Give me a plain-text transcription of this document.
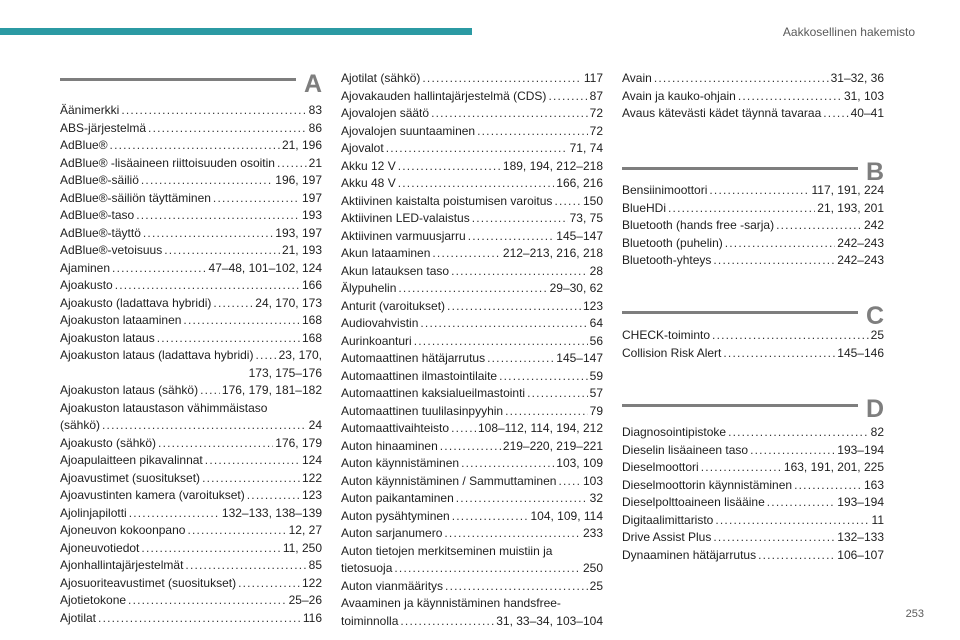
Aakkosellinen hakemisto
A
Äänimerkki .....	83
ABS-järjestelmä .....	86
AdBlue® .....	21, 196
AdBlue® -lisäaineen riittoisuuden osoitin .....	21
AdBlue®-säiliö .....	196, 197
AdBlue®-säiliön täyttäminen .....	197
AdBlue®-taso .....	193
AdBlue®-täyttö .....	193, 197
AdBlue®-vetoisuus .....	21, 193
Ajaminen .....	47–48, 101–102, 124
Ajoakusto .....	166
Ajoakusto (ladattava hybridi) .....	24, 170, 173
Ajoakuston lataaminen .....	168
Ajoakuston lataus .....	168
Ajoakuston lataus (ladattava hybridi) ..... 23, 170,
173, 175–176
Ajoakuston lataus (sähkö) ..... 176, 179, 181–182
Ajoakuston lataustason vähimmäistaso
(sähkö) .....	24
Ajoakusto (sähkö) .....	176, 179
Ajoapulaitteen pikavalinnat .....	124
Ajoavustimet (suositukset) .....	122
Ajoavustinten kamera (varoitukset) .....	123
Ajolinjapilotti .....	132–133, 138–139
Ajoneuvon kokoonpano .....	12, 27
Ajoneuvotiedot .....	11, 250
Ajonhallintajärjestelmät .....	85
Ajosuoriteavustimet (suositukset) .....	122
Ajotietokone .....	25–26
Ajotilat .....	116
Ajotilat (sähkö) .....	117
Ajovakauden hallintajärjestelmä (CDS) .....	87
Ajovalojen säätö .....	72
Ajovalojen suuntaaminen .....	72
Ajovalot .....	71, 74
Akku 12 V .....	189, 194, 212–218
Akku 48 V .....	166, 216
Aktiivinen kaistalta poistumisen varoitus .....	150
Aktiivinen LED-valaistus .....	73, 75
Aktiivinen varmuusjarru .....	145–147
Akun lataaminen .....	212–213, 216, 218
Akun latauksen taso .....	28
Älypuhelin .....	29–30, 62
Anturit (varoitukset) .....	123
Audiovahvistin .....	64
Aurinkoanturi .....	56
Automaattinen hätäjarrutus .....	145–147
Automaattinen ilmastointilaite .....	59
Automaattinen kaksialueilmastointi .....	57
Automaattinen tuulilasinpyyhin .....	79
Automaattivaihteisto ..... 108–112, 114, 194, 212
Auton hinaaminen .....	219–220, 219–221
Auton käynnistäminen .....	103, 109
Auton käynnistäminen / Sammuttaminen ..... 103
Auton paikantaminen .....	32
Auton pysähtyminen .....	104, 109, 114
Auton sarjanumero .....	233
Auton tietojen merkitseminen muistiin ja
tietosuoja .....	250
Auton vianmääritys .....	25
Avaaminen ja käynnistäminen handsfree-
toiminnolla .....	31, 33–34, 103–104
Avain .....	31–32, 36
Avain ja kauko-ohjain .....	31, 103
Avaus kätevästi kädet täynnä tavaraa ..... 40–41
B
Bensiinimoottori .....	117, 191, 224
BlueHDi .....	21, 193, 201
Bluetooth (hands free -sarja) .....	242
Bluetooth (puhelin) .....	242–243
Bluetooth-yhteys .....	242–243
C
CHECK-toiminto .....	25
Collision Risk Alert .....	145–146
D
Diagnosointipistoke .....	82
Dieselin lisäaineen taso .....	193–194
Dieselmoottori .....	163, 191, 201, 225
Dieselmoottorin käynnistäminen .....	163
Dieselpolttoaineen lisääine .....	193–194
Digitaalimittaristo .....	11
Drive Assist Plus .....	132–133
Dynaaminen hätäjarrutus .....	106–107
253
